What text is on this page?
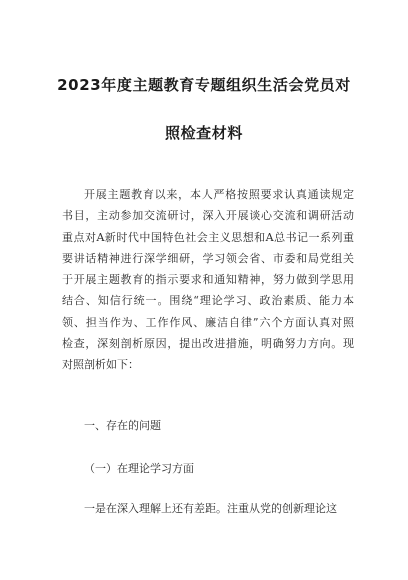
2023年度主题教育专题组织生活会党员对
照检查材料

开展主题教育以来，本人严格按照要求认真通读规定
书目，主动参加交流研讨，深入开展谈心交流和调研活动
重点对A新时代中国特色社会主义思想和A总书记一系列重
要讲话精神进行深学细研，学习领会省、市委和局党组关
于开展主题教育的指示要求和通知精神，努力做到学思用
结合、知信行统一。围绕“理论学习、政治素质、能力本
领、担当作为、工作作风、廉洁自律”六个方面认真对照
检查，深刻剖析原因，提出改进措施，明确努力方向。现
对照剖析如下：

一、存在的问题
（一）在理论学习方面
一是在深入理解上还有差距。注重从党的创新理论这
